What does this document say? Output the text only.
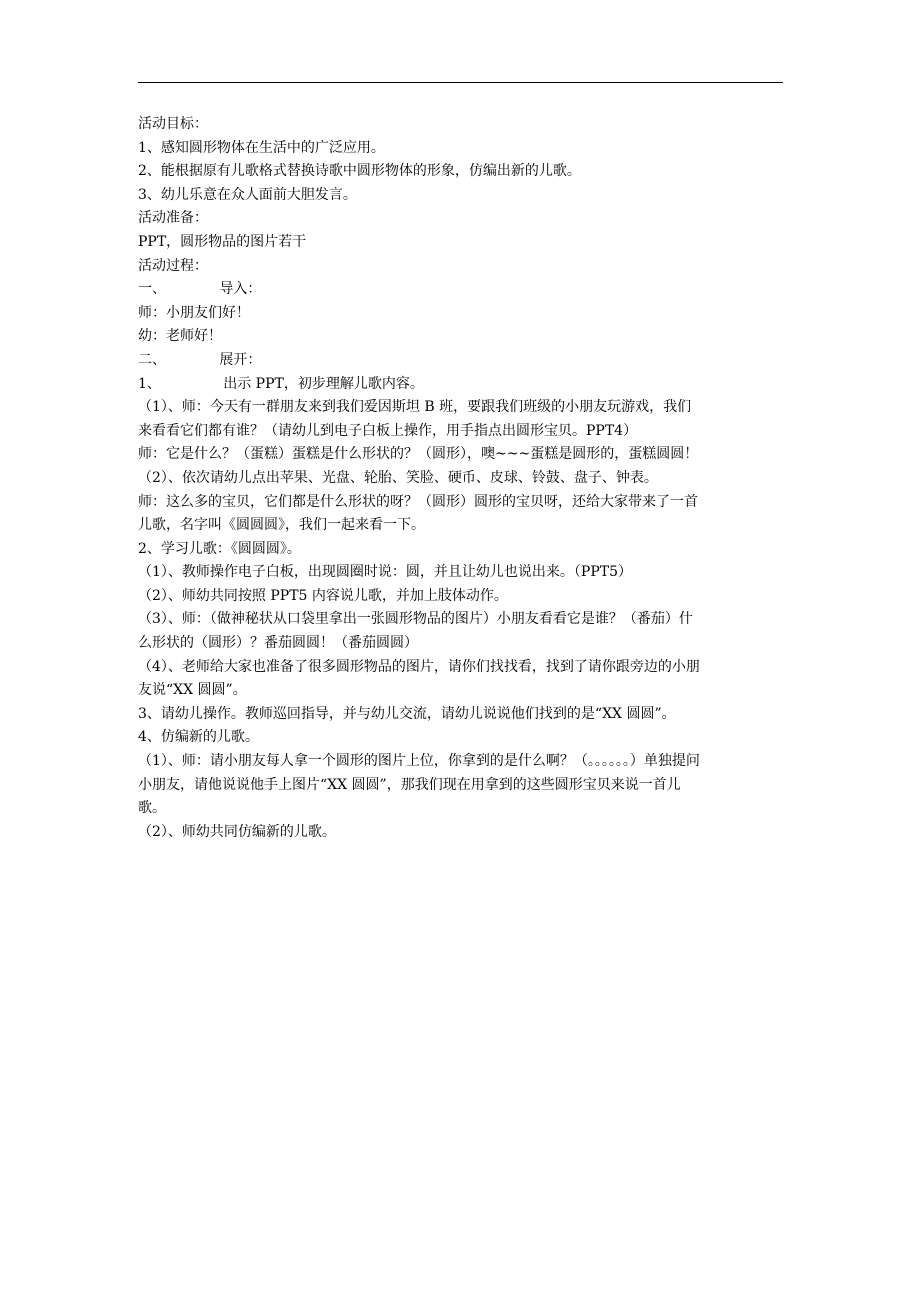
活动目标：
1、感知圆形物体在生活中的广泛应用。
2、能根据原有儿歌格式替换诗歌中圆形物体的形象，仿编出新的儿歌。
3、幼儿乐意在众人面前大胆发言。
活动准备：
PPT，圆形物品的图片若干
活动过程：
一、            导入：
师：小朋友们好！
幼：老师好！
二、            展开：
1、              出示 PPT，初步理解儿歌内容。
（1）、师：今天有一群朋友来到我们爱因斯坦 B 班，要跟我们班级的小朋友玩游戏，我们
来看看它们都有谁？（请幼儿到电子白板上操作，用手指点出圆形宝贝。PPT4）
师：它是什么？（蛋糕）蛋糕是什么形状的？（圆形），噢~~~蛋糕是圆形的，蛋糕圆圆！
（2）、依次请幼儿点出苹果、光盘、轮胎、笑脸、硬币、皮球、铃鼓、盘子、钟表。
师：这么多的宝贝，它们都是什么形状的呀？（圆形）圆形的宝贝呀，还给大家带来了一首
儿歌，名字叫《圆圆圆》，我们一起来看一下。
2、学习儿歌：《圆圆圆》。
（1）、教师操作电子白板，出现圆圈时说：圆，并且让幼儿也说出来。（PPT5）
（2）、师幼共同按照 PPT5 内容说儿歌，并加上肢体动作。
（3）、师：（做神秘状从口袋里拿出一张圆形物品的图片）小朋友看看它是谁？（番茄）什
么形状的（圆形）？番茄圆圆！（番茄圆圆）
（4）、老师给大家也准备了很多圆形物品的图片，请你们找找看，找到了请你跟旁边的小朋
友说“XX 圆圆”。
3、请幼儿操作。教师巡回指导，并与幼儿交流，请幼儿说说他们找到的是“XX 圆圆”。
4、仿编新的儿歌。
（1）、师：请小朋友每人拿一个圆形的图片上位，你拿到的是什么啊？（。。。。。。）单独提问
小朋友，请他说说他手上图片“XX 圆圆”，那我们现在用拿到的这些圆形宝贝来说一首儿
歌。
（2）、师幼共同仿编新的儿歌。
